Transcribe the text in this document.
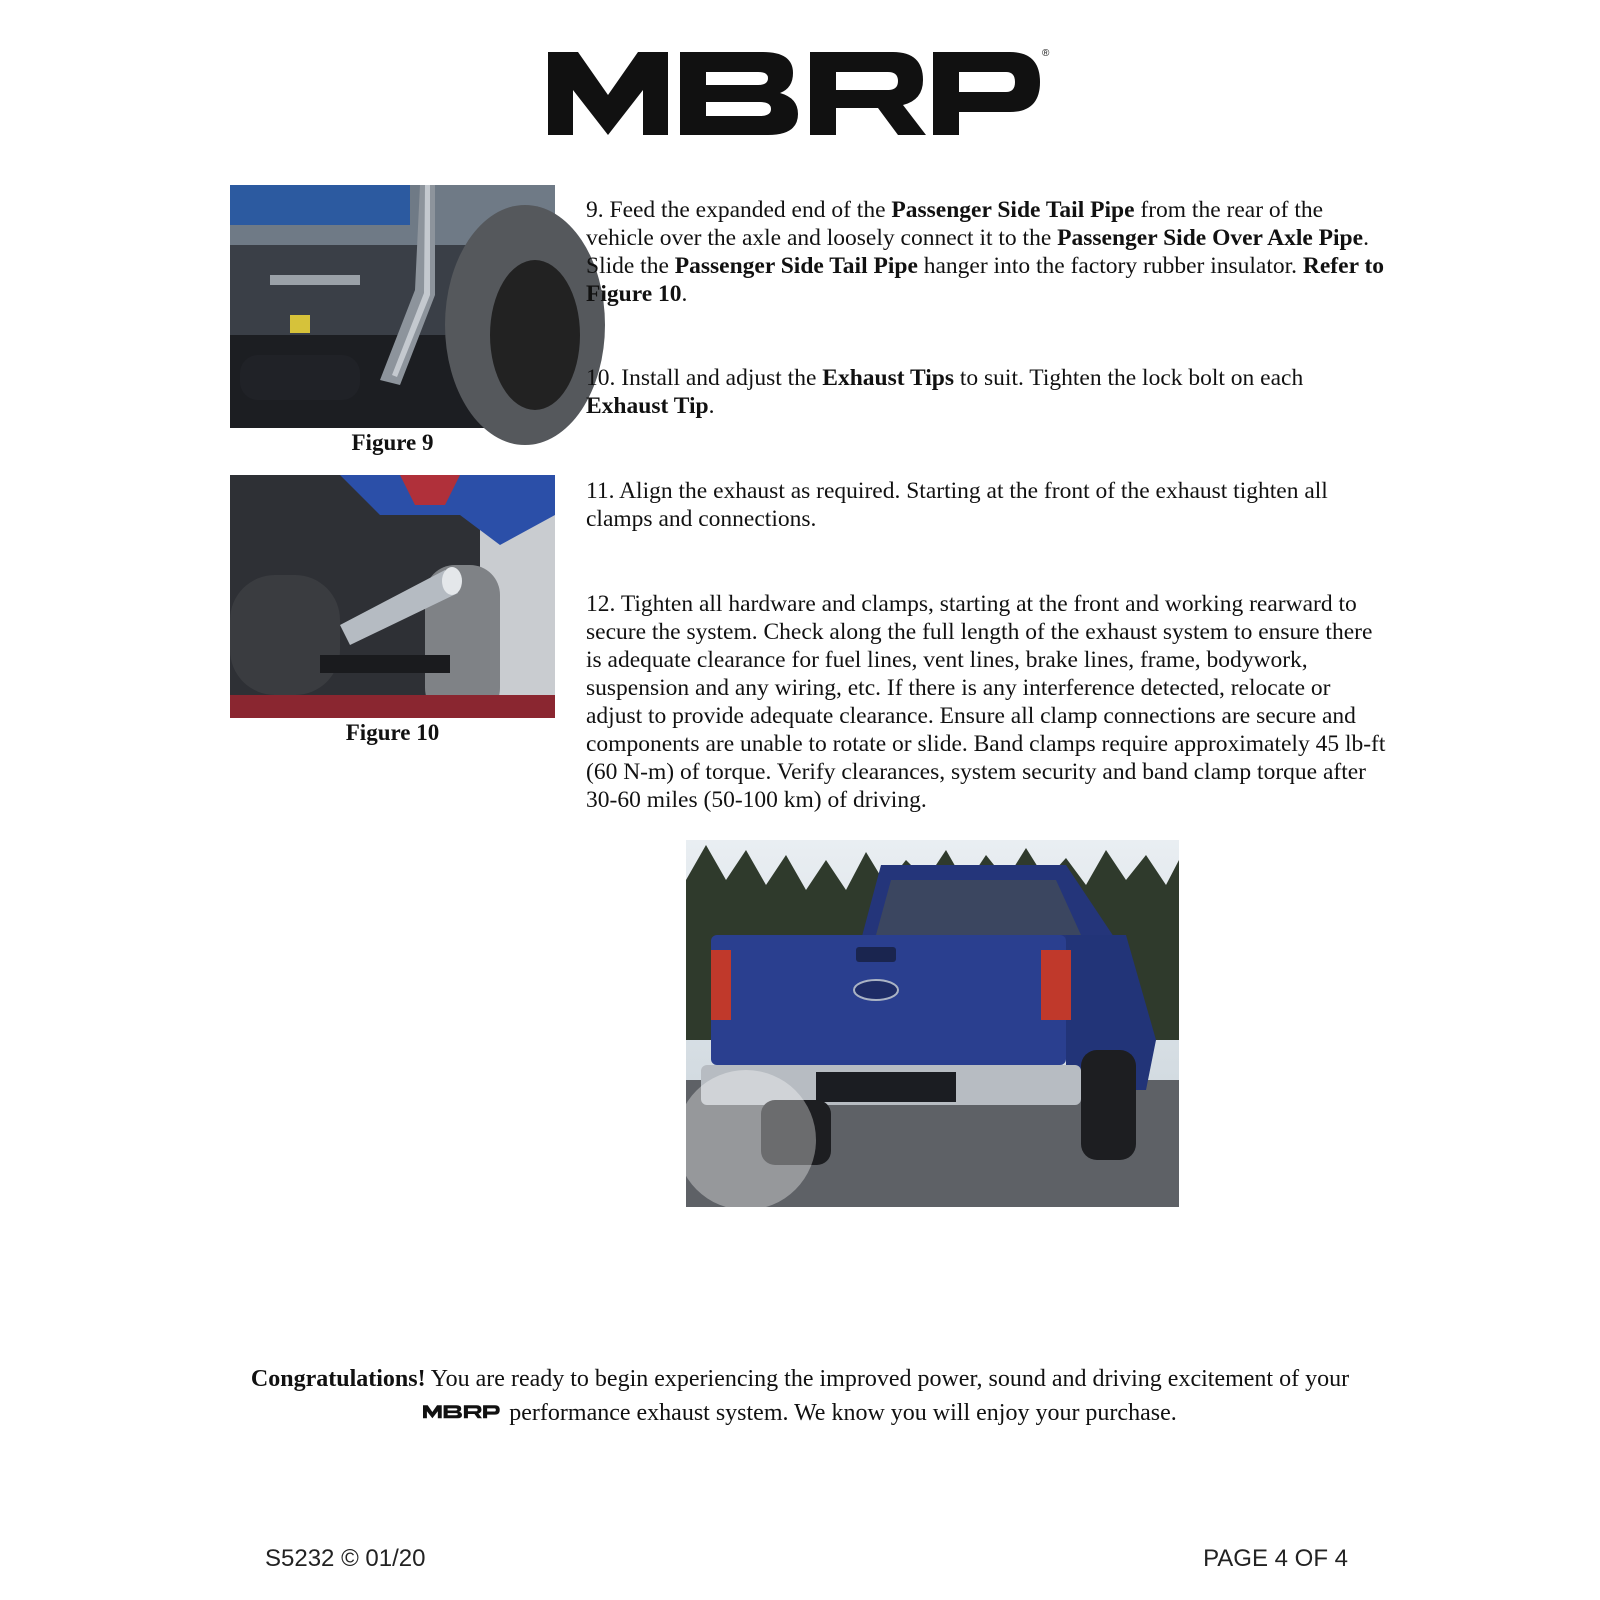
®
Figure 9
Figure 10

9. Feed the expanded end of the Passenger Side Tail Pipe from the rear of the vehicle over the axle and loosely connect it to the Passenger Side Over Axle Pipe. Slide the Passenger Side Tail Pipe hanger into the factory rubber insulator. Refer to Figure 10.

10. Install and adjust the Exhaust Tips to suit. Tighten the lock bolt on each Exhaust Tip.

11. Align the exhaust as required. Starting at the front of the exhaust tighten all clamps and connections.

12. Tighten all hardware and clamps, starting at the front and working rearward to secure the system. Check along the full length of the exhaust system to ensure there is adequate clearance for fuel lines, vent lines, brake lines, frame, bodywork, suspension and any wiring, etc. If there is any interference detected, relocate or adjust to provide adequate clearance. Ensure all clamp connections are secure and components are unable to rotate or slide. Band clamps require approximately 45 lb-ft (60 N-m) of torque. Verify clearances, system security and band clamp torque after 30-60 miles (50-100 km) of driving.

Congratulations! You are ready to begin experiencing the improved power, sound and driving excitement of your
performance exhaust system. We know you will enjoy your purchase.
S5232 © 01/20	PAGE 4 OF 4
